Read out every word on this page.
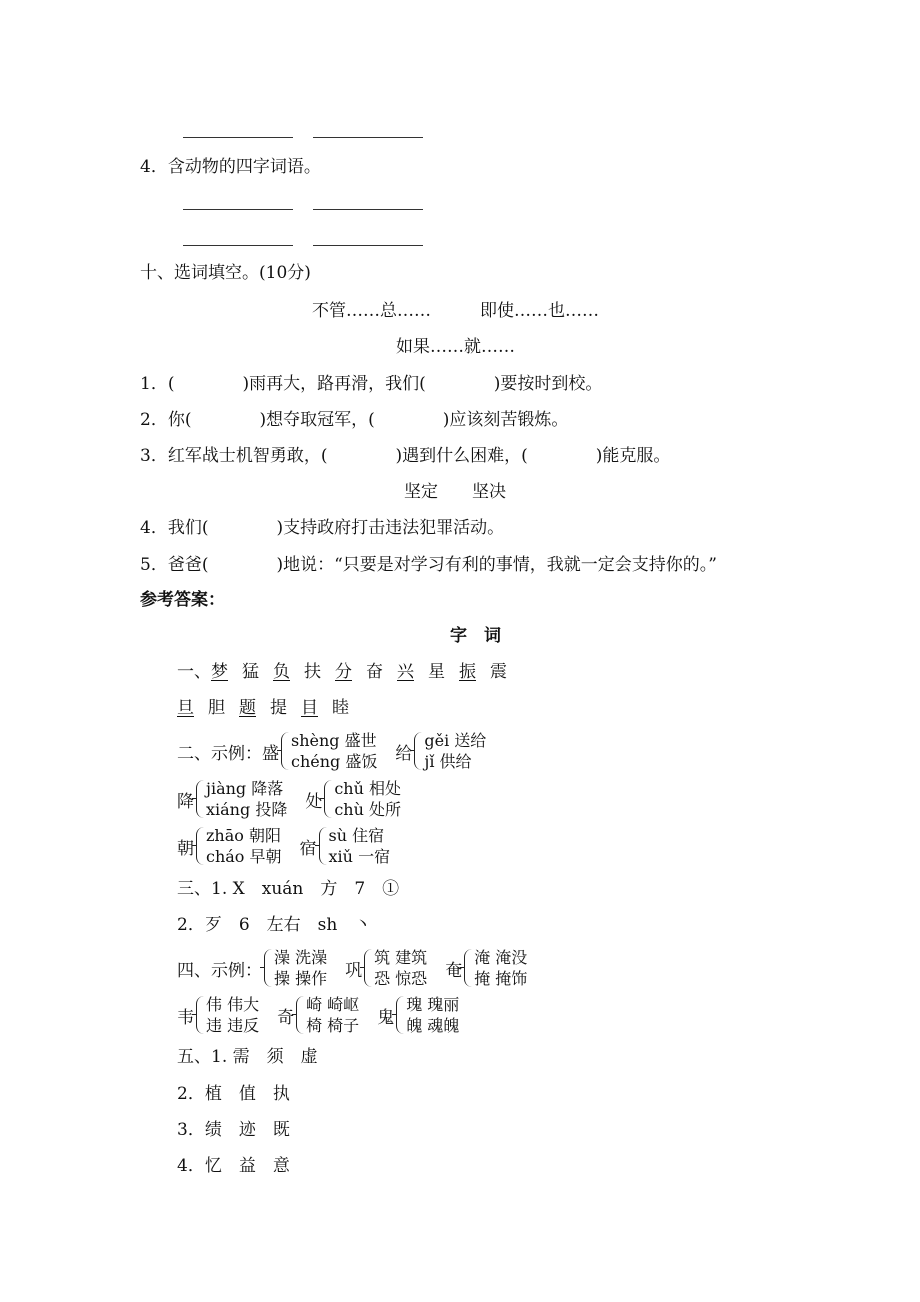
4．含动物的四字词语。
十、选词填空。(10分)
不管……总……	即使……也……
如果……就……
1．(　　　　)雨再大，路再滑，我们(　　　　)要按时到校。
2．你(　　　　)想夺取冠军，(　　　　)应该刻苦锻炼。
3．红军战士机智勇敢，(　　　　)遇到什么困难，(　　　　)能克服。
坚定　　坚决
4．我们(　　　　)支持政府打击违法犯罪活动。
5．爸爸(　　　　)地说：“只要是对学习有利的事情，我就一定会支持你的。”
参考答案：
字　词
一、梦 猛 负 扶 分 奋 兴 星 振 震
旦 胆 题 提 目 睦
二、示例： 盛
shèng 盛世
chéng 盛饭 给
gěi 送给
jǐ 供给
降
jiàng 降落
xiáng 投降 处
chǔ 相处
chù 处所
朝
zhāo 朝阳
cháo 早朝 宿
sù 住宿
xiǔ 一宿
三、1. X　xuán　方　7　①
2．歹　6　左右　sh　丶
四、示例：
澡 洗澡
操 操作 巩
筑 建筑
恐 惊恐 奄
淹 淹没
掩 掩饰
韦
伟 伟大
违 违反 奇
崎 崎岖
椅 椅子 鬼
瑰 瑰丽
魄 魂魄
五、1. 需　须　虚
2．植　值　执
3．绩　迹　既
4．忆　益　意
